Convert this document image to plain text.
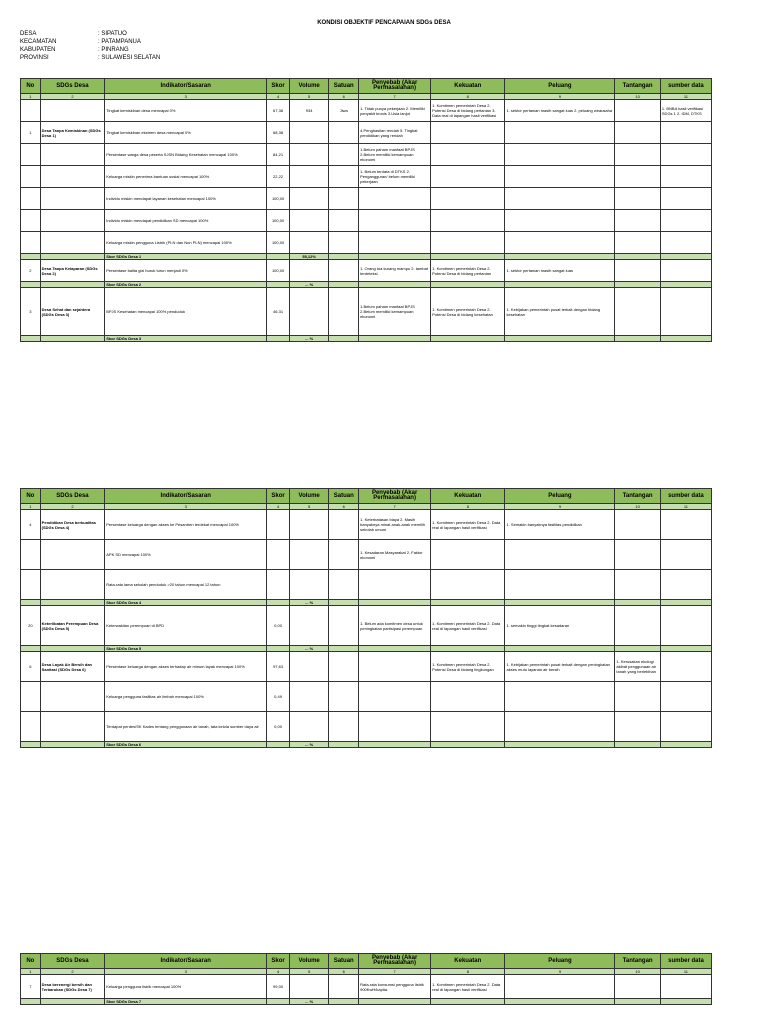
KONDISI OBJEKTIF PENCAPAIAN SDGs DESA
DESA	: SIPATUO
KECAMATAN	: PATAMPANUA
KABUPATEN	: PINRANG
PROVINSI	: SULAWESI SELATAN
No	SDGs Desa	Indikator/Sasaran	Skor	Volume	Satuan	Penyebab (Akar Permasalahan)	Kekuatan	Peluang	Tantangan	sumber data
1	2	3	4	5	6	7	8	9	10	11
		Tingkat kemiskinan desa mencapai 0%	67,36	934	Jiwa	1. Tidak punya pekerjaan 2. Memiliki penyakit kronis 3.Usia lanjut	1. Komitmen pemerintah Desa 2. Potensi Desa di bidang pertanian 3. Data real di lapangan hasil verifikasi	1. sektor pertanian masih sangat luas 2. peluang wirausaha		1. BNBA hasil verifikasi SDGs 1 2. IDM, DTKS
1	Desa Tanpa Kemiskinan (SDGs Desa 1)	Tingkat kemiskinan ekstrem desa mencapai 0%	68,38			4.Penghasilan rendah 5. Tingkat pendidikan yang rendah				
		Persentase warga desa peserta SJSN Bidang Kesehatan mencapai 100%	84,21			1.Belum paham manfaat BPJS 2.Belum memiliki kemampuan ekonomi				
		Keluarga miskin penerima bantuan sosial mencapai 100%	22,22			1. Belum terdata di DTKS 2. Pengangguran/ belum memiliki pekerjaan				
		Individu miskin mendapat layanan kesehatan mencapai 100%	100,00							
		Individu miskin mendapat pendidikan SD mencapai 100%	100,00							
		Keluarga miskin pengguna Listrik (PLN dan Non PLN) mencapai 100%	100,00							
		Skor SDGs Desa 1		55,12%						
2	Desa Tanpa Kelaparan (SDGs Desa 2)	Persentase balita gizi buruk turun menjadi 0%	100,00			1. Orang tua kurang mampu 2. tambat terdeteksi	1. Komitmen pemerintah Desa 2. Potensi Desa di bidang pertanian	1. sektor pertanian masih sangat luas		
		Skor SDGs Desa 2		... %						
3	Desa Sehat dan sejahtera (SDGs Desa 3)	BPJS Kesehatan mencapai 100% penduduk	46,31			1.Belum paham manfaat BPJS 2.Belum memiliki kemampuan ekonomi	1. Komitmen pemerintah Desa 2. Potensi Desa di bidang kesehatan	1. Kebijakan pemerintah pusat terkait dengan bidang kesehatan		
		Skor SDGs Desa 3		... %						
No	SDGs Desa	Indikator/Sasaran	Skor	Volume	Satuan	Penyebab (Akar Permasalahan)	Kekuatan	Peluang	Tantangan	sumber data
1	2	3	4	5	6	7	8	9	10	11
4	Pendidikan Desa berkualitas (SDGs Desa 4)	Persentase keluarga dengan akses ke Pesantren terdekat mencapai 100%				1. Keterbatasan biaya 2. Masih banyaknya minat anak-anak memilih sekolah umum	1. Komitmen pemerintah Desa 2. Data real di lapangan hasil verifikasi	1. Semakin banyaknya fasilitas pendidikan		
		APK SD mencapai 100%				1. Kesadaran Masyarakat 2. Faktor ekonomi				
		Rata-rata lama sekolah penduduk >20 tahun mencapai 12 tahun								
		Skor SDGs Desa 4		... %						
20	Keterlibatan Perempuan Desa (SDGs Desa 5)	Keterwakilan perempuan di BPD	0,00			1. Belum ada komitmen desa untuk peningkatan partisipasi perempuan	1. Komitmen pemerintah Desa 2. Data real di lapangan hasil verifikasi	1. semakin tinggi tingkat kesadaran		
		Skor SDGs Desa 5		... %						
6	Desa Layak Air Bersih dan Sanitasi (SDGs Desa 6)	Persentase keluarga dengan akses terhadap air minum layak mencapai 100%	97,63				1. Komitmen pemerintah Desa 2. Potensi Desa di bidang lingkungan	1. Kebijakan pemerintah pusat terkait dengan peningkatan akses mutu layanan air bersih	1. Kerusakan ekologi akibat penggunaan air tanah yang berlebihan	
		Keluarga pengguna fasilitas air limbah mencapai 100%	0,49							
		Terdapat perdes/SK Kades tentang penggunaan air tanah, tata kelola sumber daya air	0,00							
		Skor SDGs Desa 6		... %						
No	SDGs Desa	Indikator/Sasaran	Skor	Volume	Satuan	Penyebab (Akar Permasalahan)	Kekuatan	Peluang	Tantangan	sumber data
1	2	3	4	5	6	7	8	9	10	11
7	Desa berenergi bersih dan Terbarukan (SDGs Desa 7)	Keluarga pengguna listrik mencapai 100%	99,00			Rata-rata konsumsi pengguna listrik 900KwH/kapita.	1. Komitmen pemerintah Desa 2. Data real di lapangan hasil verifikasi			
		Skor SDGs Desa 7		... %						
